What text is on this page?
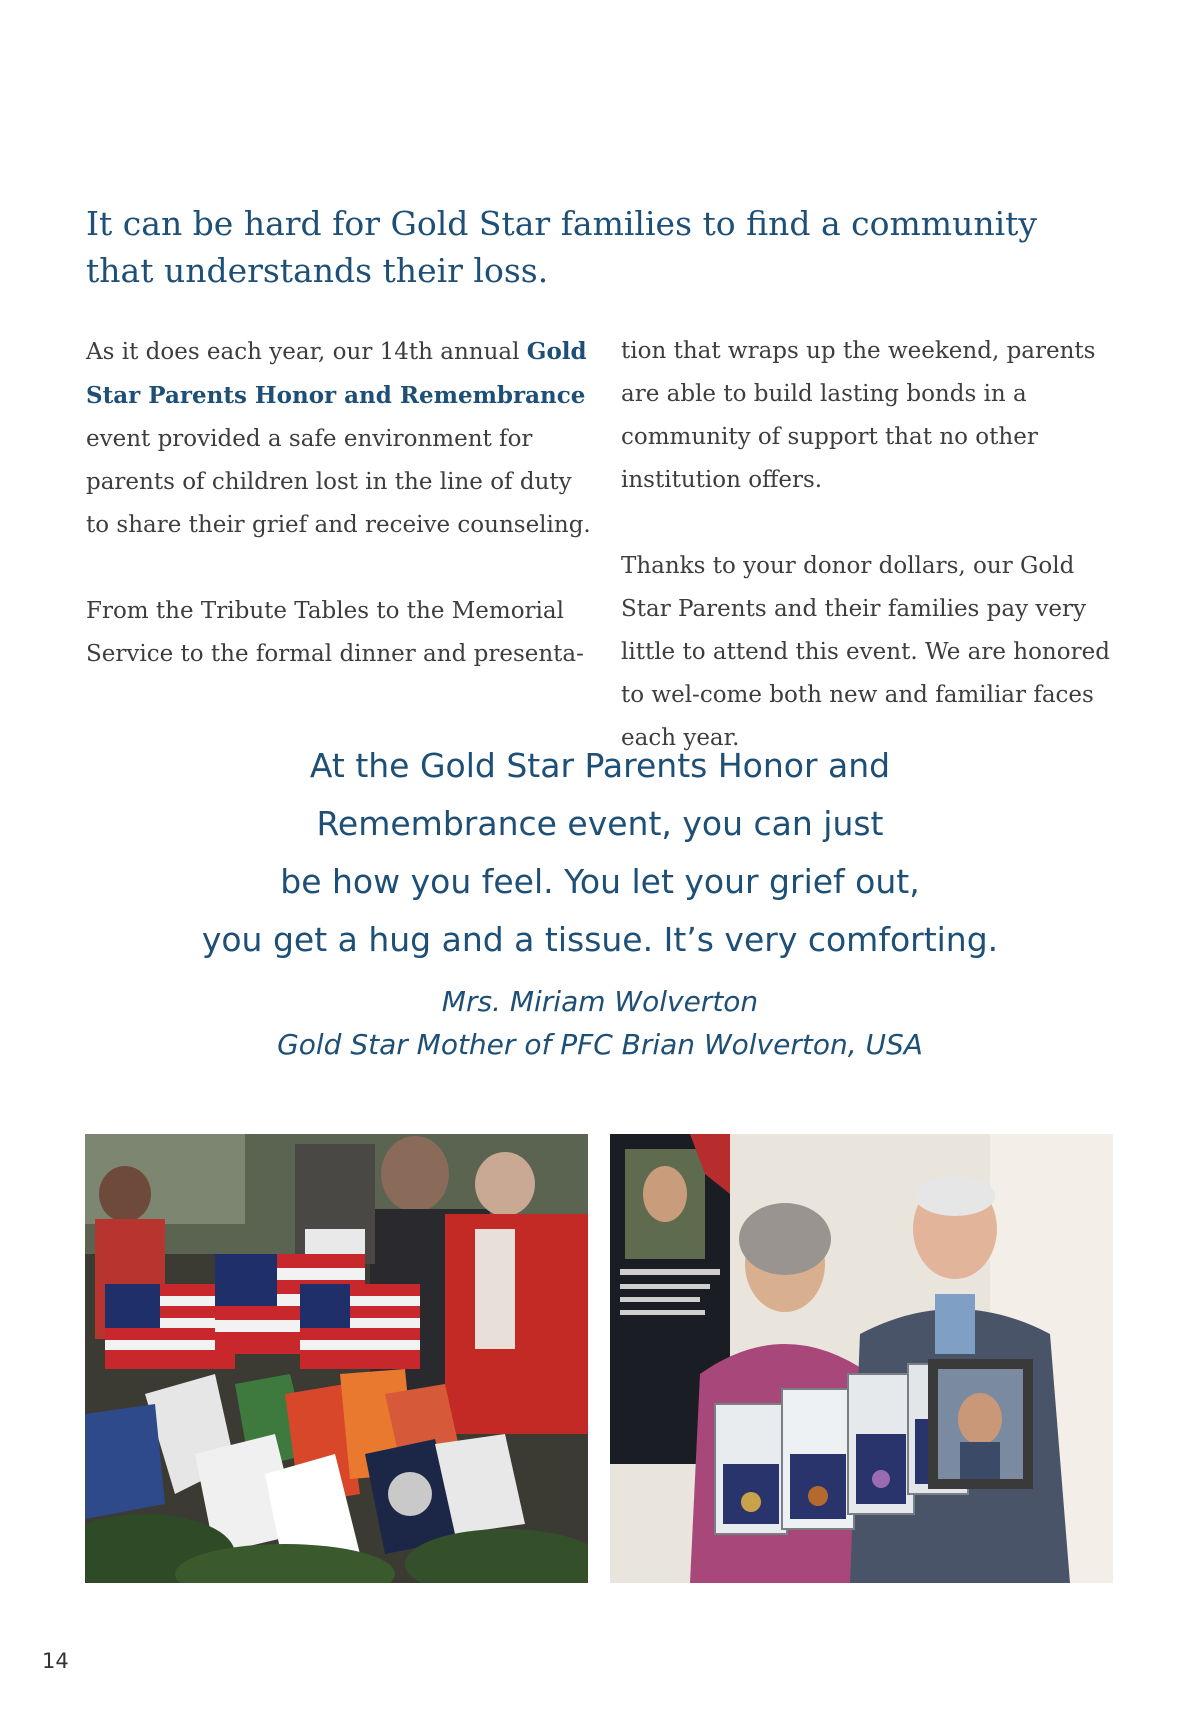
It can be hard for Gold Star families to find a community that understands their loss.

As it does each year, our 14th annual Gold Star Parents Honor and Remembrance event provided a safe environment for parents of children lost in the line of duty to share their grief and receive counseling.

From the Tribute Tables to the Memorial Service to the formal dinner and presenta-

tion that wraps up the weekend, parents are able to build lasting bonds in a community of support that no other institution offers.

Thanks to your donor dollars, our Gold Star Parents and their families pay very little to attend this event. We are honored to wel-come both new and familiar faces each year.

At the Gold Star Parents Honor and
Remembrance event, you can just
be how you feel. You let your grief out,
you get a hug and a tissue. It’s very comforting.
Mrs. Miriam Wolverton
Gold Star Mother of PFC Brian Wolverton, USA
14
